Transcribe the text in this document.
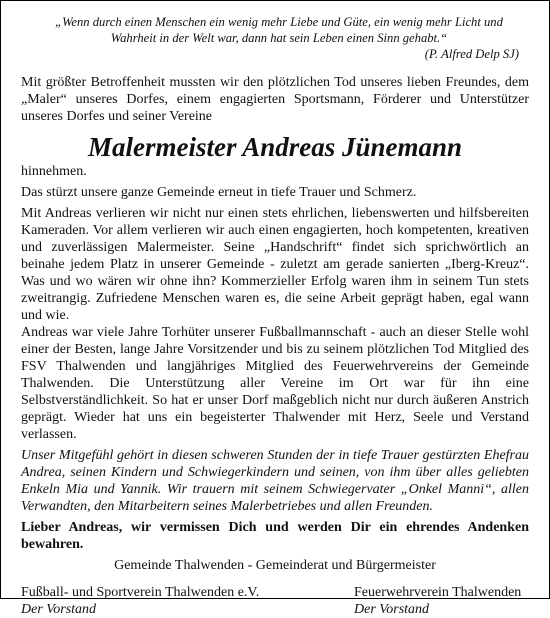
„Wenn durch einen Menschen ein wenig mehr Liebe und Güte, ein wenig mehr Licht und
Wahrheit in der Welt war, dann hat sein Leben einen Sinn gehabt.“
(P. Alfred Delp SJ)
Mit größter Betroffenheit mussten wir den plötzlichen Tod unseres lieben Freundes, dem „Maler“ unseres Dorfes, einem engagierten Sportsmann, Förderer und Unterstützer unseres Dorfes und seiner Vereine
Malermeister Andreas Jünemann
hinnehmen.
Das stürzt unsere ganze Gemeinde erneut in tiefe Trauer und Schmerz.
Mit Andreas verlieren wir nicht nur einen stets ehrlichen, liebenswerten und hilfsbereiten Kameraden. Vor allem verlieren wir auch einen engagierten, hoch kompetenten, kreativen und zuverlässigen Malermeister. Seine „Handschrift“ findet sich sprichwörtlich an beinahe jedem Platz in unserer Gemeinde - zuletzt am gerade sanierten „Iberg-Kreuz“. Was und wo wären wir ohne ihn? Kommerzieller Erfolg waren ihm in seinem Tun stets zweitrangig. Zufriedene Menschen waren es, die seine Arbeit geprägt haben, egal wann und wie.
Andreas war viele Jahre Torhüter unserer Fußballmannschaft - auch an dieser Stelle wohl einer der Besten, lange Jahre Vorsitzender und bis zu seinem plötzlichen Tod Mitglied des FSV Thalwenden und langjähriges Mitglied des Feuerwehrvereins der Gemeinde Thalwenden. Die Unterstützung aller Vereine im Ort war für ihn eine Selbstverständlichkeit. So hat er unser Dorf maßgeblich nicht nur durch äußeren Anstrich geprägt. Wieder hat uns ein begeisterter Thalwender mit Herz, Seele und Verstand verlassen.
Unser Mitgefühl gehört in diesen schweren Stunden der in tiefe Trauer gestürzten Ehefrau Andrea, seinen Kindern und Schwiegerkindern und seinen, von ihm über alles geliebten Enkeln Mia und Yannik. Wir trauern mit seinem Schwiegervater „Onkel Manni“, allen Verwandten, den Mitarbeitern seines Malerbetriebes und allen Freunden.
Lieber Andreas, wir vermissen Dich und werden Dir ein ehrendes Andenken bewahren.
Gemeinde Thalwenden - Gemeinderat und Bürgermeister
Fußball- und Sportverein Thalwenden e.V.
Der Vorstand
Feuerwehrverein Thalwenden
Der Vorstand
